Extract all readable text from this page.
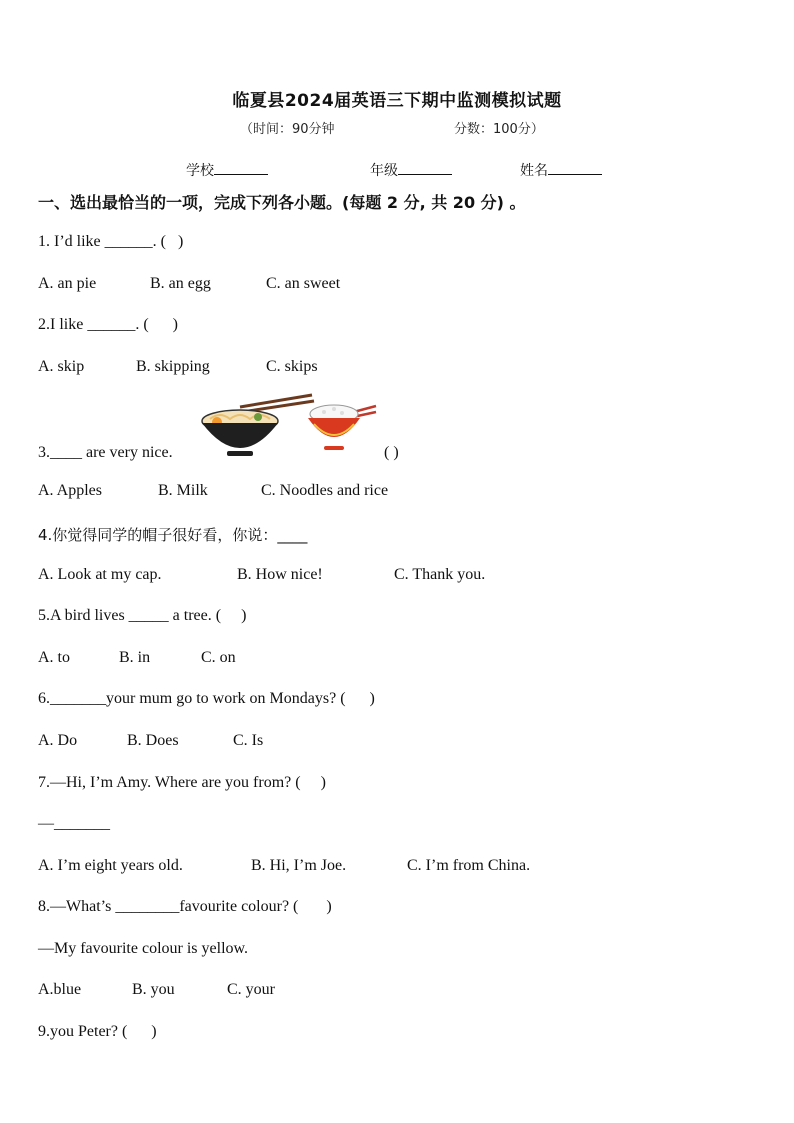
临夏县2024届英语三下期中监测模拟试题
（时间：90分钟	分数：100分）
学校	年级	姓名
一、选出最恰当的一项，完成下列各小题。(每题 2 分, 共 20 分) 。
1. I’d like ______. (   )
A. an pie	B. an egg	C. an sweet
2.I like ______. (      )
A. skip	B. skipping	C. skips
3.____ are very nice.	( )
A. Apples	B. Milk	C. Noodles and rice
4.你觉得同学的帽子很好看，你说：____
A. Look at my cap.	B. How nice!	C. Thank you.
5.A bird lives _____ a tree. (     )
A. to	B. in	C. on
6._______your mum go to work on Mondays? (      )
A. Do	B. Does	C. Is
7.—Hi, I’m Amy. Where are you from? (     )
—_______
A. I’m eight years old.	B. Hi, I’m Joe.	C. I’m from China.
8.—What’s ________favourite colour? (       )
—My favourite colour is yellow.
A.blue	B. you	C. your
9.you Peter? (      )
